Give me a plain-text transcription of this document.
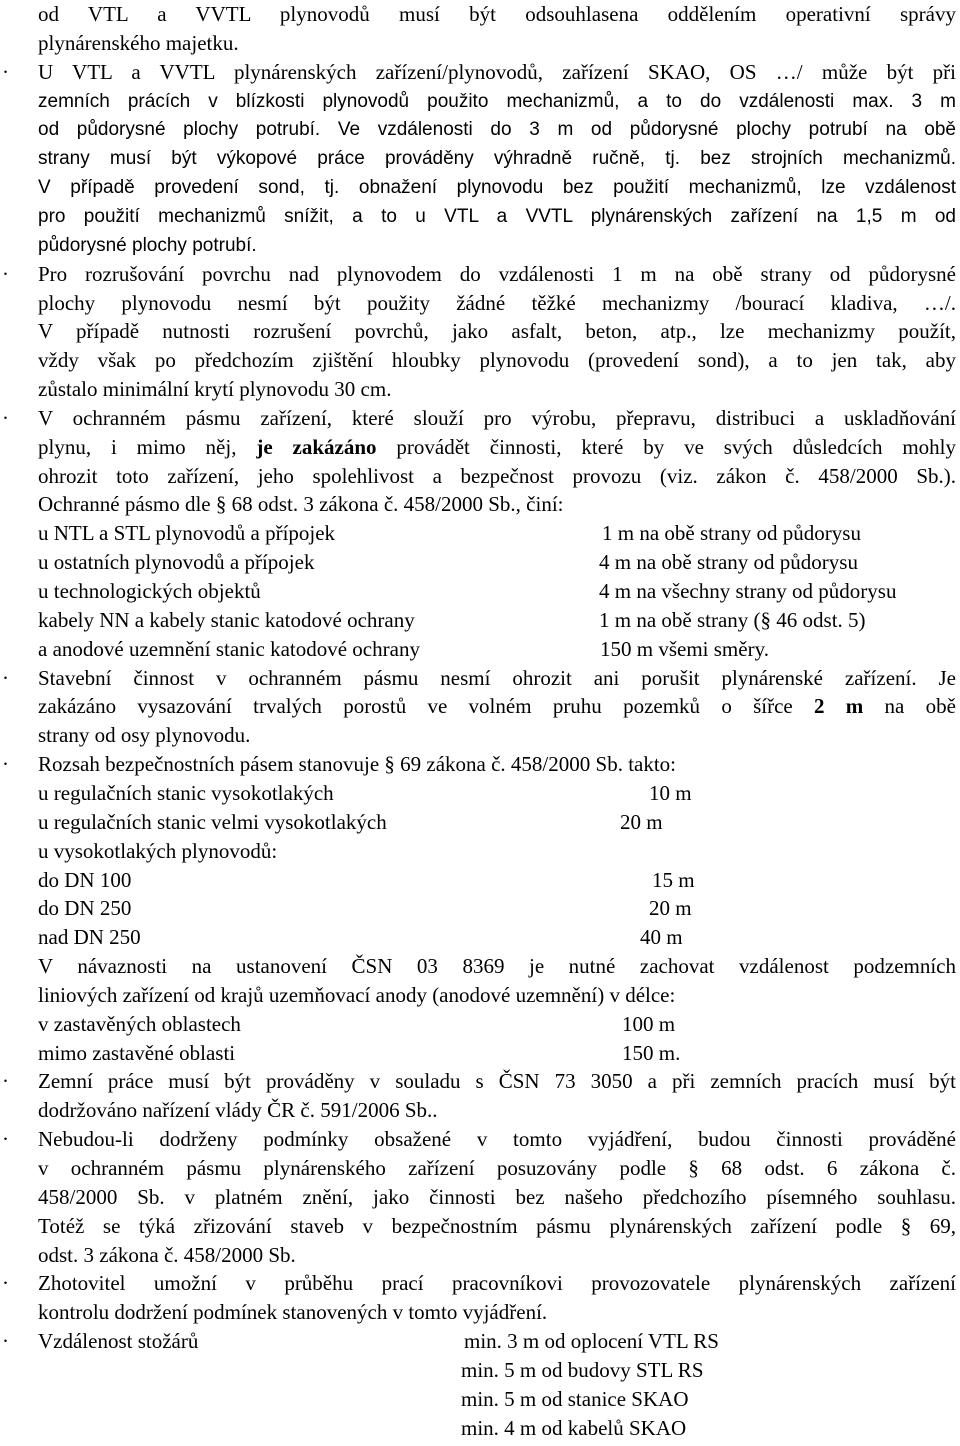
od VTL a VVTL plynovodů musí být odsouhlasena oddělením operativní správy
plynárenského majetku.
·	U VTL a VVTL plynárenských zařízení/plynovodů, zařízení SKAO, OS …/ může být při
zemních prácích v blízkosti plynovodů použito mechanizmů, a to do vzdálenosti max. 3 m
od půdorysné plochy potrubí. Ve vzdálenosti do 3 m od půdorysné plochy potrubí na obě
strany musí být výkopové práce prováděny výhradně ručně, tj. bez strojních mechanizmů.
V případě provedení sond, tj. obnažení plynovodu bez použití mechanizmů, lze vzdálenost
pro použití mechanizmů snížit, a to u VTL a VVTL plynárenských zařízení na 1,5 m od
půdorysné plochy potrubí.
·	Pro rozrušování povrchu nad plynovodem do vzdálenosti 1 m na obě strany od půdorysné
plochy plynovodu nesmí být použity žádné těžké mechanizmy /bourací kladiva, …/.
V případě nutnosti rozrušení povrchů, jako asfalt, beton, atp., lze mechanizmy použít,
vždy však po předchozím zjištění hloubky plynovodu (provedení sond), a to jen tak, aby
zůstalo minimální krytí plynovodu 30 cm.
·	V ochranném pásmu zařízení, které slouží pro výrobu, přepravu, distribuci a uskladňování
plynu, i mimo něj, je zakázáno provádět činnosti, které by ve svých důsledcích mohly
ohrozit toto zařízení, jeho spolehlivost a bezpečnost provozu (viz. zákon č. 458/2000 Sb.).
Ochranné pásmo dle § 68 odst. 3 zákona č. 458/2000 Sb., činí:
u NTL a STL plynovodů a přípojek	1 m na obě strany od půdorysu
u ostatních plynovodů a přípojek	4 m na obě strany od půdorysu
u technologických objektů	4 m na všechny strany od půdorysu
kabely NN a kabely stanic katodové ochrany	1 m na obě strany (§ 46 odst. 5)
a anodové uzemnění stanic katodové ochrany	150 m všemi směry.
·	Stavební činnost v ochranném pásmu nesmí ohrozit ani porušit plynárenské zařízení. Je
zakázáno vysazování trvalých porostů ve volném pruhu pozemků o šířce 2 m na obě
strany od osy plynovodu.
·	Rozsah bezpečnostních pásem stanovuje § 69 zákona č. 458/2000 Sb. takto:
u regulačních stanic vysokotlakých	10 m
u regulačních stanic velmi vysokotlakých	20 m
u vysokotlakých plynovodů:
do DN 100	15 m
do DN 250	20 m
nad DN 250	40 m
V návaznosti na ustanovení ČSN 03 8369 je nutné zachovat vzdálenost podzemních
liniových zařízení od krajů uzemňovací anody (anodové uzemnění) v délce:
v zastavěných oblastech	100 m
mimo zastavěné oblasti	150 m.
·	Zemní práce musí být prováděny v souladu s ČSN 73 3050 a při zemních pracích musí být
dodržováno nařízení vlády ČR č. 591/2006 Sb..
·	Nebudou-li dodrženy podmínky obsažené v tomto vyjádření, budou činnosti prováděné
v ochranném pásmu plynárenského zařízení posuzovány podle § 68 odst. 6 zákona č.
458/2000 Sb. v platném znění, jako činnosti bez našeho předchozího písemného souhlasu.
Totéž se týká zřizování staveb v bezpečnostním pásmu plynárenských zařízení podle § 69,
odst. 3 zákona č. 458/2000 Sb.
·	Zhotovitel umožní v průběhu prací pracovníkovi provozovatele plynárenských zařízení
kontrolu dodržení podmínek stanovených v tomto vyjádření.
·	Vzdálenost stožárů	min. 3 m od oplocení VTL RS
min. 5 m od budovy STL RS
min. 5 m od stanice SKAO
min. 4 m od kabelů SKAO
